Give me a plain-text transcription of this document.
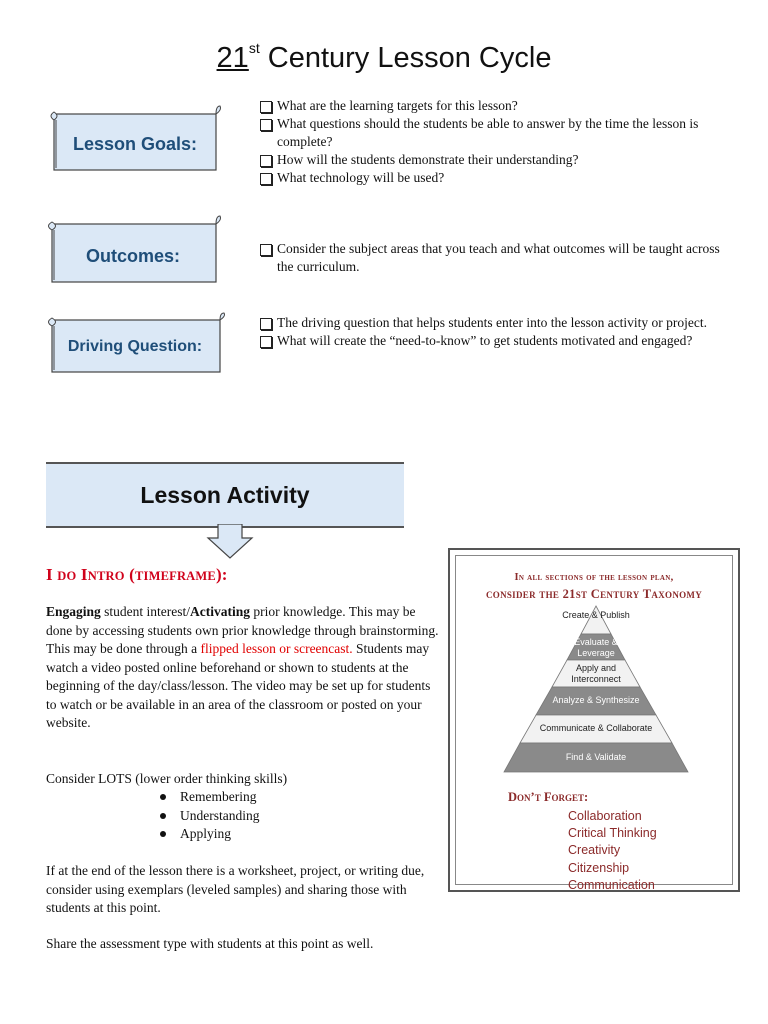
21st Century Lesson Cycle
Lesson Goals:
What are the learning targets for this lesson?
What questions should the students be able to answer by the time the lesson is complete?
How will the students demonstrate their understanding?
What technology will be used?
Outcomes:	Consider the subject areas that you teach and what outcomes will be taught across the curriculum.
Driving Question:
The driving question that helps students enter into the lesson activity or project.
What will create the “need-to-know” to get students motivated and engaged?
Lesson Activity
I DO INTRO (TIMEFRAME):
Engaging student interest/Activating prior knowledge. This may be done by accessing students own prior knowledge through brainstorming. This may be done through a flipped lesson or screencast. Students may watch a video posted online beforehand or shown to students at the beginning of the day/class/lesson. The video may be set up for students to watch or be available in an area of the classroom or posted on your website.
Consider LOTS (lower order thinking skills)
Remembering
Understanding
Applying
If at the end of the lesson there is a worksheet, project, or writing due, consider using exemplars (leveled samples) and sharing those with students at this point.
Share the assessment type with students at this point as well.
In all sections of the lesson plan,
consider the 21st Century Taxonomy
Create & Publish
Evaluate & Leverage
Apply and Interconnect
Analyze & Synthesize
Communicate & Collaborate
Find & Validate
Don’t Forget:
Collaboration
Critical Thinking
Creativity
Citizenship
Communication
